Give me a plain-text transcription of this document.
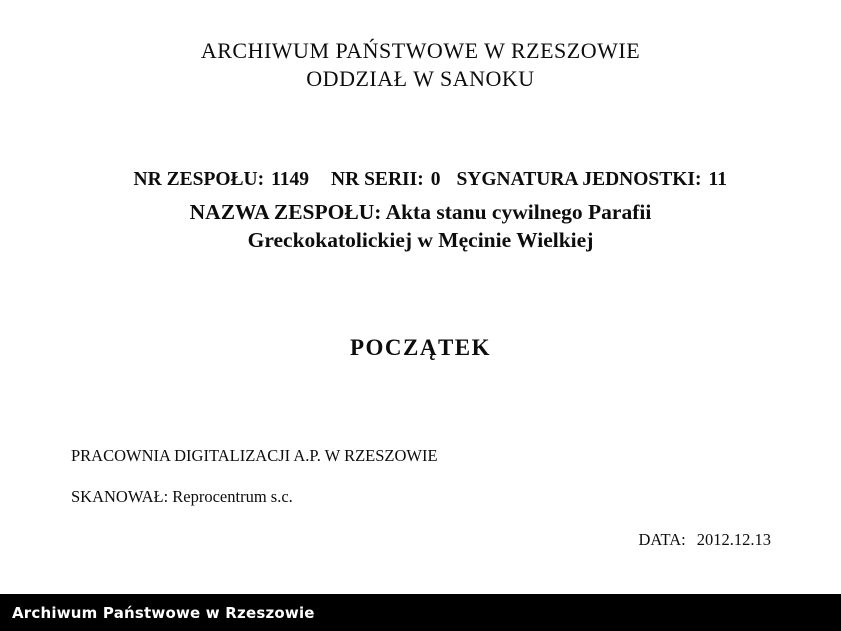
ARCHIWUM PAŃSTWOWE W RZESZOWIE
ODDZIAŁ W SANOKU

NR ZESPOŁU: 1149 NR SERII: 0 SYGNATURA JEDNOSTKI: 11

NAZWA ZESPOŁU: Akta stanu cywilnego Parafii
Greckokatolickiej w Męcinie Wielkiej
POCZĄTEK
PRACOWNIA DIGITALIZACJI A.P. W RZESZOWIE
SKANOWAŁ: Reprocentrum s.c.

DATA: 2012.12.13

Archiwum Państwowe w Rzeszowie
